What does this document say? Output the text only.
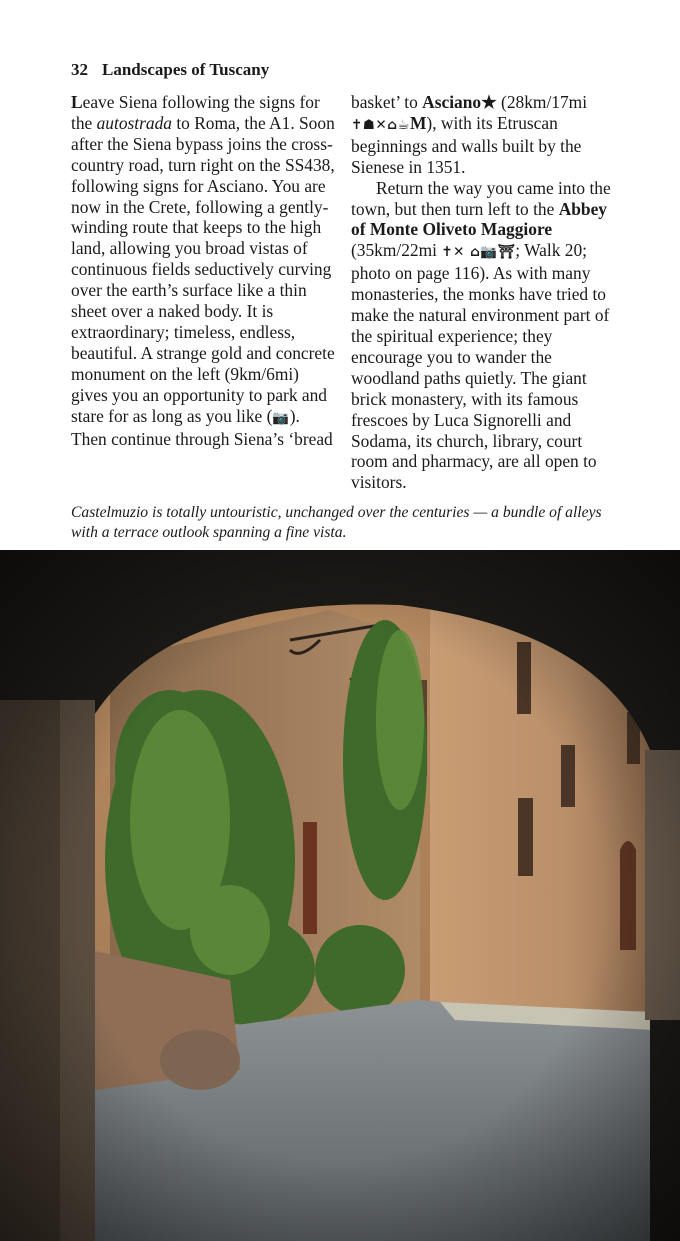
32 Landscapes of Tuscany

Leave Siena following the signs for the autostrada to Roma, the A1. Soon after the Siena bypass joins the cross-country road, turn right on the SS438, following signs for Asciano. You are now in the Crete, following a gently-winding route that keeps to the high land, allowing you broad vistas of continuous fields seductively curving over the earth’s surface like a thin sheet over a naked body. It is extraordinary; timeless, endless, beautiful. A strange gold and concrete monument on the left (9km/6mi) gives you an opportunity to park and stare for as long as you like (📷). Then continue through Siena’s ‘bread

basket’ to Asciano★ (28km/17mi ✝☗✕⌂☕M), with its Etruscan beginnings and walls built by the Sienese in 1351.

Return the way you came into the town, but then turn left to the Abbey of Monte Oliveto Maggiore (35km/22mi ✝✕ ⌂📷⛩; Walk 20; photo on page 116). As with many monasteries, the monks have tried to make the natural environment part of the spiritual experience; they encourage you to wander the woodland paths quietly. The giant brick monastery, with its famous frescoes by Luca Signorelli and Sodama, its church, library, court room and pharmacy, are all open to visitors.

Castelmuzio is totally untouristic, unchanged over the centuries — a bundle of alleys with a terrace outlook spanning a fine vista.
